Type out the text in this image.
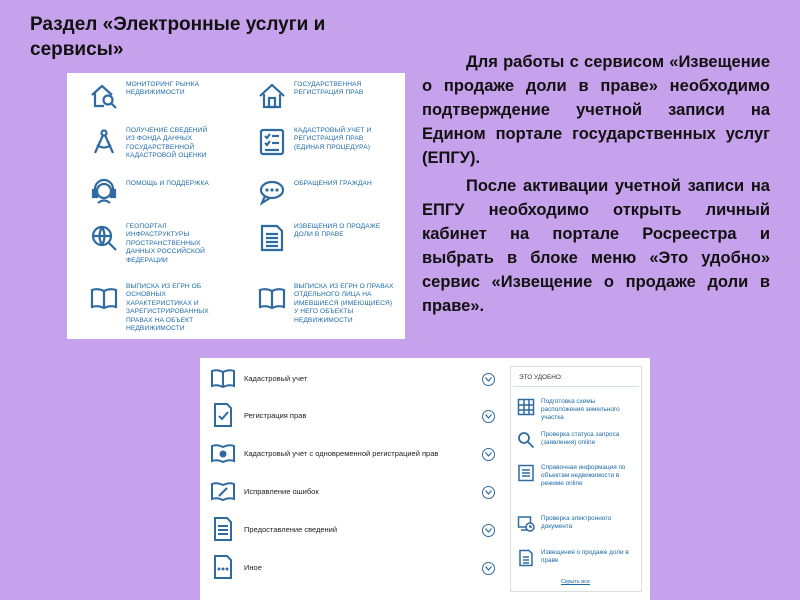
Раздел «Электронные услуги и сервисы»

Для работы с сервисом «Извещение о продаже доли в праве» необходимо подтверждение учетной записи на Едином портале государственных услуг (ЕПГУ).

После активации учетной записи на ЕПГУ необходимо открыть личный кабинет на портале Росреестра и выбрать в блоке меню «Это удобно» сервис «Извещение о продаже доли в праве».

МОНИТОРИНГ РЫНКА НЕДВИЖИМОСТИ
ПОЛУЧЕНИЕ СВЕДЕНИЙ ИЗ ФОНДА ДАННЫХ ГОСУДАРСТВЕННОЙ КАДАСТРОВОЙ ОЦЕНКИ
ПОМОЩЬ И ПОДДЕРЖКА
ГЕОПОРТАЛ ИНФРАСТРУКТУРЫ ПРОСТРАНСТВЕННЫХ ДАННЫХ РОССИЙСКОЙ ФЕДЕРАЦИИ
ВЫПИСКА ИЗ ЕГРН ОБ ОСНОВНЫХ ХАРАКТЕРИСТИКАХ И ЗАРЕГИСТРИРОВАННЫХ ПРАВАХ НА ОБЪЕКТ НЕДВИЖИМОСТИ
ГОСУДАРСТВЕННАЯ РЕГИСТРАЦИЯ ПРАВ
КАДАСТРОВЫЙ УЧЕТ И РЕГИСТРАЦИЯ ПРАВ (ЕДИНАЯ ПРОЦЕДУРА)
ОБРАЩЕНИЯ ГРАЖДАН
ИЗВЕЩЕНИЯ О ПРОДАЖЕ ДОЛИ В ПРАВЕ
ВЫПИСКА ИЗ ЕГРН О ПРАВАХ ОТДЕЛЬНОГО ЛИЦА НА ИМЕВШИЕСЯ (ИМЕЮЩИЕСЯ) У НЕГО ОБЪЕКТЫ НЕДВИЖИМОСТИ
Кадастровый учет
Регистрация прав
Кадастровый учет с одновременной регистрацией прав
Исправление ошибок
Предоставление сведений
Иное
ЭТО УДОБНО:
Подготовка схемы расположения земельного участка
Проверка статуса запроса (заявления) online
Справочная информация по объектам недвижимости в режиме online
Проверка электронного документа
Извещения о продаже доли в праве
Скрыть все
